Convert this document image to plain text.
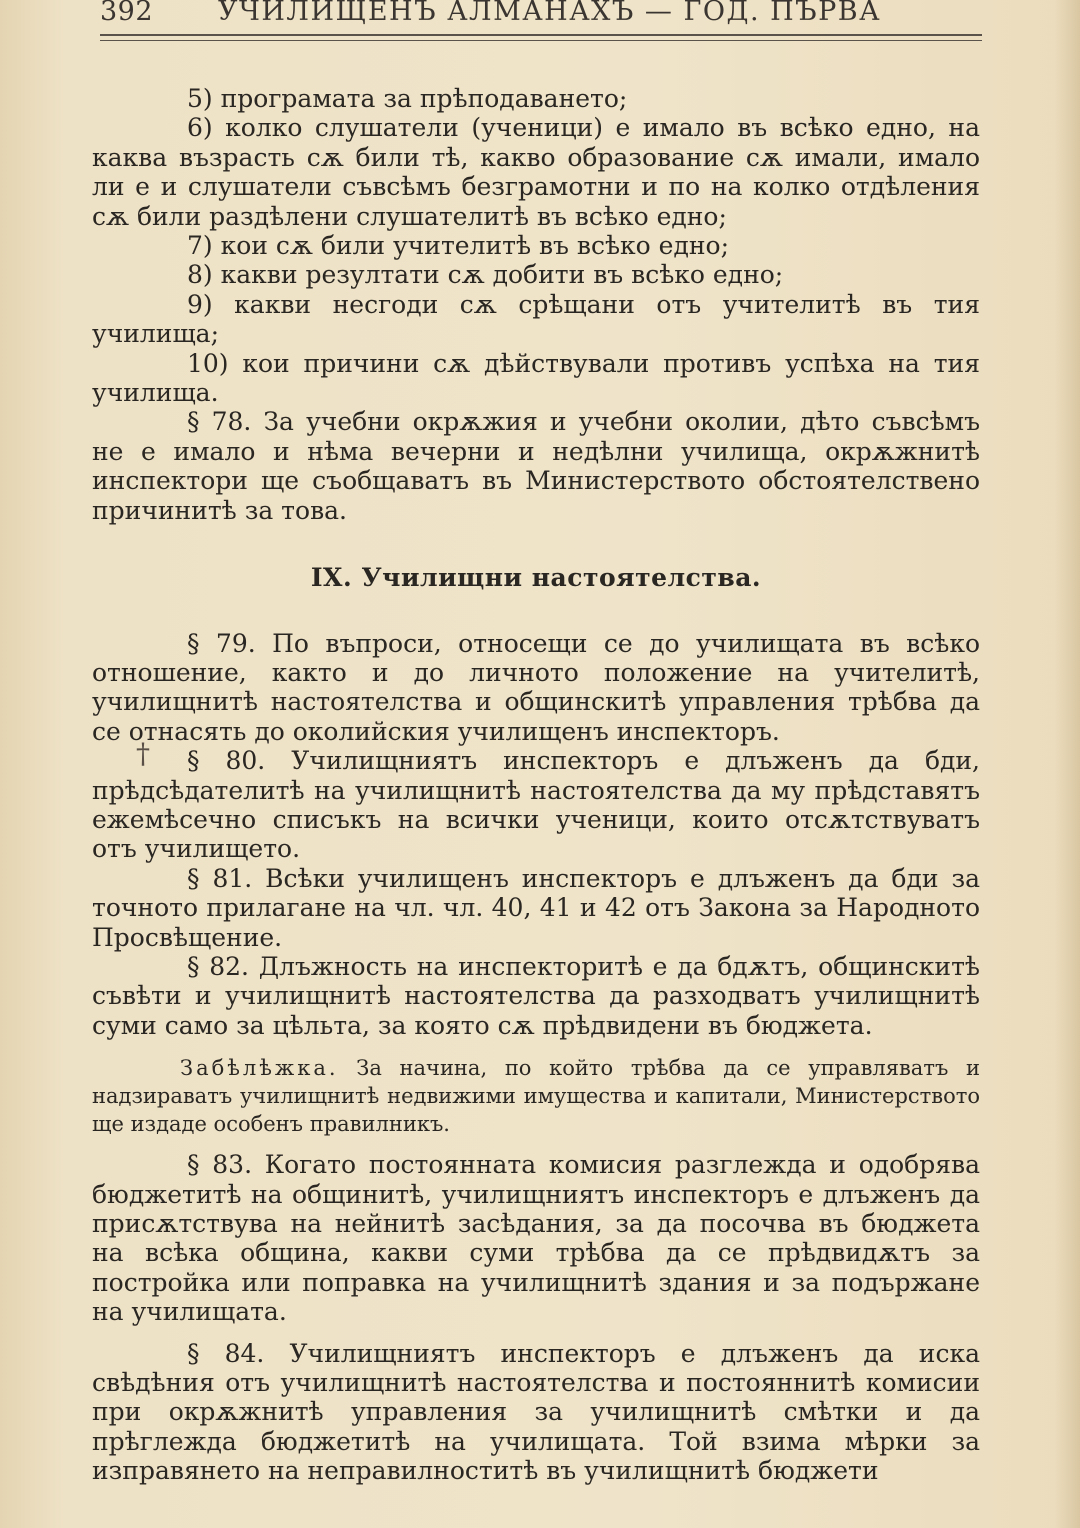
392 УЧИЛИЩЕНЪ АЛМАНАХЪ — ГОД. ПЪРВА
†

5) програмата за прѣподаването;

6) колко слушатели (ученици) е имало въ всѣко едно, на каква възрасть сѫ били тѣ, какво образование сѫ имали, имало ли е и слушатели съвсѣмъ безграмотни и по на колко отдѣления сѫ били раздѣлени слушателитѣ въ всѣко едно;

7) кои сѫ били учителитѣ въ всѣко едно;

8) какви резултати сѫ добити въ всѣко едно;

9) какви несгоди сѫ срѣщани отъ учителитѣ въ тия училища;

10) кои причини сѫ дѣйствували противъ успѣха на тия училища.

§ 78. За учебни окрѫжия и учебни околии, дѣто съвсѣмъ не е имало и нѣма вечерни и недѣлни училища, окрѫжнитѣ инспектори ще съобщаватъ въ Министерството обстоятелствено причинитѣ за това.

IX. Училищни настоятелства.

§ 79. По въпроси, относещи се до училищата въ всѣко отношение, както и до личното положение на учителитѣ, училищнитѣ настоятелства и общинскитѣ управления трѣбва да се отнасять до околийския училищенъ инспекторъ.

§ 80. Училищниятъ инспекторъ е длъженъ да бди, прѣдсѣдателитѣ на училищнитѣ настоятелства да му прѣдставятъ ежемѣсечно списъкъ на всички ученици, които отсѫтствуватъ отъ училището.

§ 81. Всѣки училищенъ инспекторъ е длъженъ да бди за точното прилагане на чл. чл. 40, 41 и 42 отъ Закона за Народното Просвѣщение.

§ 82. Длъжность на инспекторитѣ е да бдѫтъ, общинскитѣ съвѣти и училищнитѣ настоятелства да разходватъ училищнитѣ суми само за цѣльта, за която сѫ прѣдвидени въ бюджета.

Забѣлѣжка. За начина, по който трѣбва да се управляватъ и надзираватъ училищнитѣ недвижими имущества и капитали, Министерството ще издаде особенъ правилникъ.

§ 83. Когато постоянната комисия разглежда и одобрява бюджетитѣ на общинитѣ, училищниятъ инспекторъ е длъженъ да присѫтствува на нейнитѣ засѣдания, за да посочва въ бюджета на всѣка община, какви суми трѣбва да се прѣдвидѫтъ за постройка или поправка на училищнитѣ здания и за подържане на училищата.

§ 84. Училищниятъ инспекторъ е длъженъ да иска свѣдѣния отъ училищнитѣ настоятелства и постояннитѣ комисии при окрѫжнитѣ управления за училищнитѣ смѣтки и да прѣглежда бюджетитѣ на училищата. Той взима мѣрки за изправянето на неправилноститѣ въ училищнитѣ бюджети
